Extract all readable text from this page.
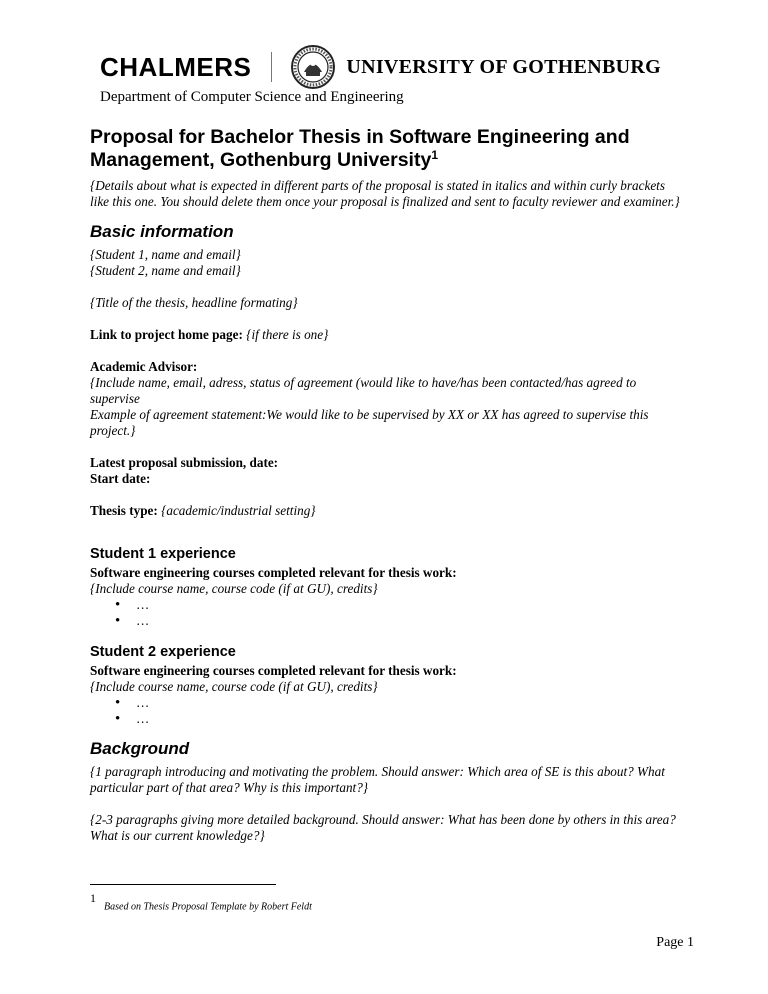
CHALMERS	UNIVERSITY OF GOTHENBURG
Department of Computer Science and Engineering
Proposal for Bachelor Thesis in Software Engineering and Management, Gothenburg University$^1$

{Details about what is expected in different parts of the proposal is stated in italics and within curly brackets like this one. You should delete them once your proposal is finalized and sent to faculty reviewer and examiner.}

Basic information

{Student 1, name and email}

{Student 2, name and email}

{Title of the thesis, headline formating}

Link to project home page: {if there is one}

Academic Advisor:

{Include name, email, adress, status of agreement (would like to have/has been contacted/has agreed to supervise

Example of agreement statement:We would like to be supervised by XX or XX has agreed to supervise this project.}

Latest proposal submission, date:

Start date:

Thesis type: {academic/industrial setting}

Student 1 experience

Software engineering courses completed relevant for thesis work:

{Include course name, course code (if at GU), credits}

• …
• …
Student 2 experience

Software engineering courses completed relevant for thesis work:

{Include course name, course code (if at GU), credits}

• …
• …
Background

{1 paragraph introducing and motivating the problem. Should answer: Which area of SE is this about? What particular part of that area? Why is this important?}

{2-3 paragraphs giving more detailed background. Should answer: What has been done by others in this area? What is our current knowledge?}

$^1$Based on Thesis Proposal Template by Robert Feldt
Page 1
